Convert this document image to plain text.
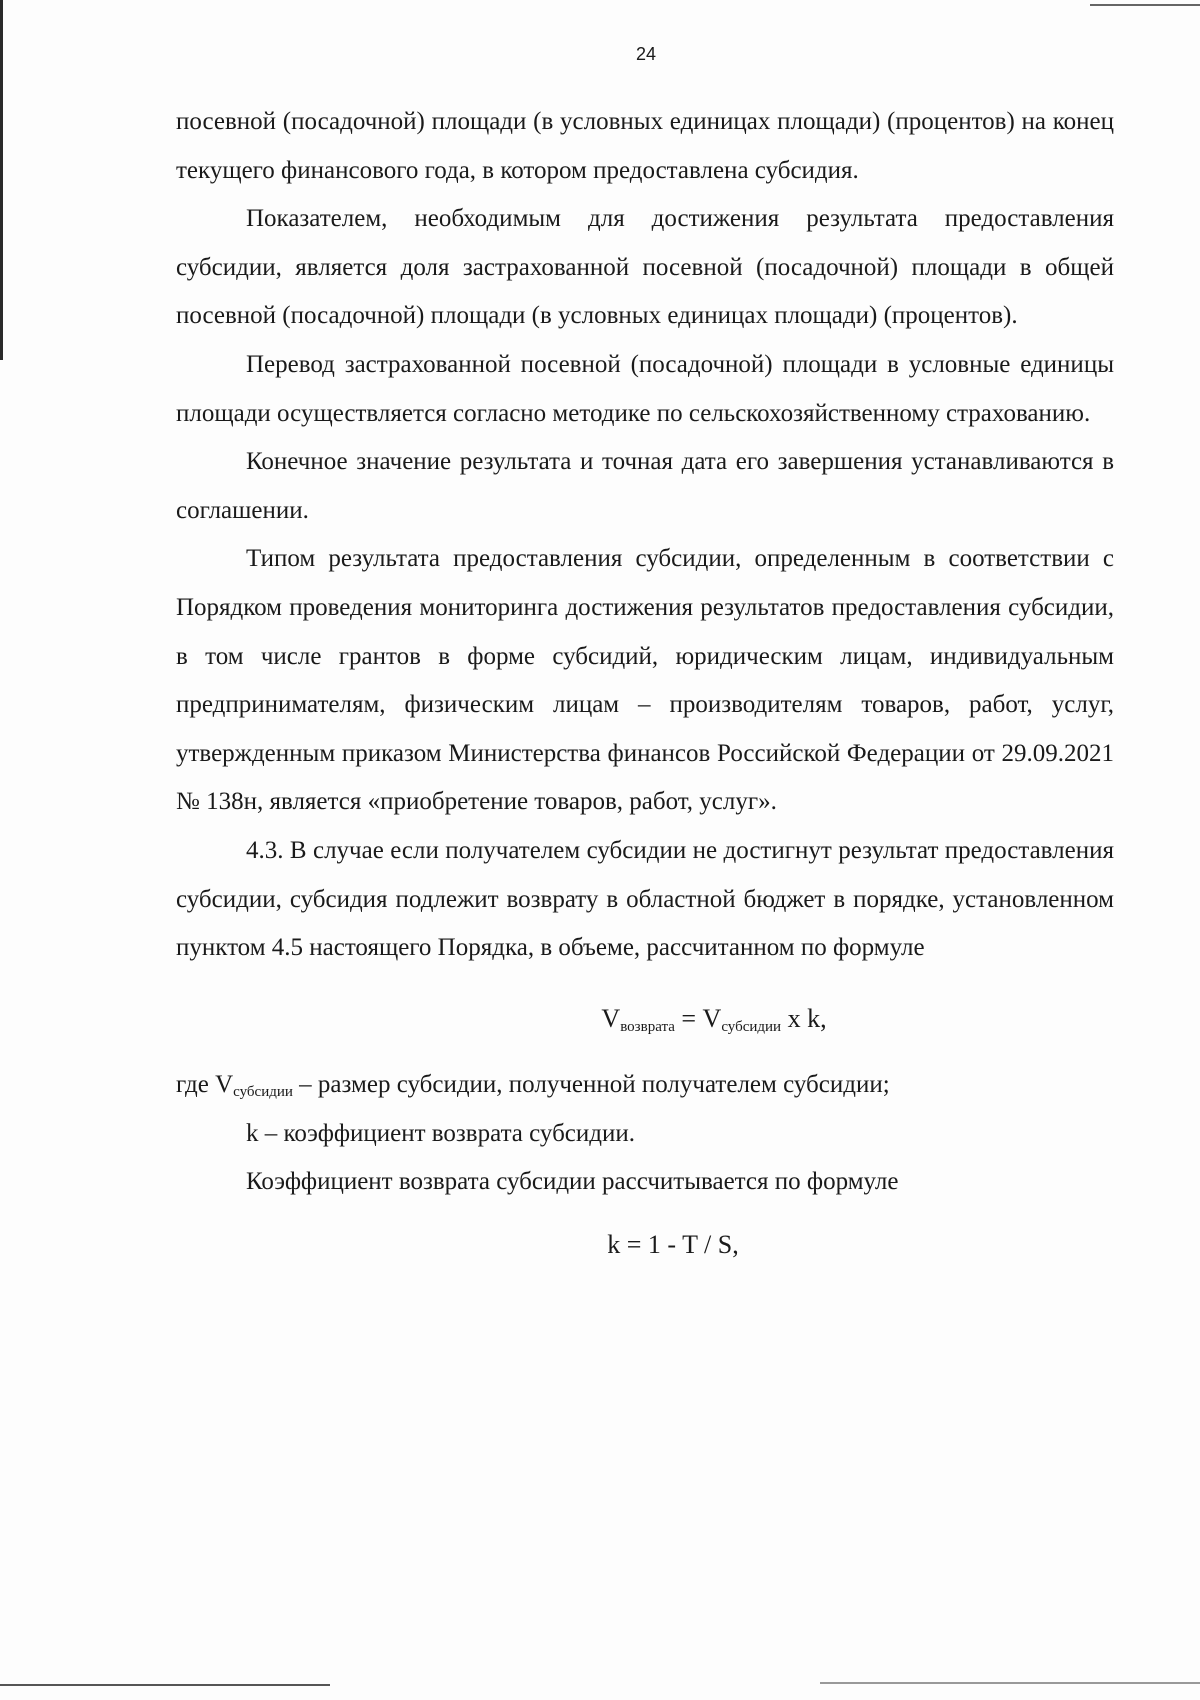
24

посевной (посадочной) площади (в условных единицах площади) (процентов) на конец текущего финансового года, в котором предоставлена субсидия.

Показателем, необходимым для достижения результата предоставления субсидии, является доля застрахованной посевной (посадочной) площади в общей посевной (посадочной) площади (в условных единицах площади) (процентов).

Перевод застрахованной посевной (посадочной) площади в условные единицы площади осуществляется согласно методике по сельскохозяйственному страхованию.

Конечное значение результата и точная дата его завершения устанавливаются в соглашении.

Типом результата предоставления субсидии, определенным в соответствии с Порядком проведения мониторинга достижения результатов предоставления субсидии, в том числе грантов в форме субсидий, юридическим лицам, индивидуальным предпринимателям, физическим лицам – производителям товаров, работ, услуг, утвержденным приказом Министерства финансов Российской Федерации от 29.09.2021 № 138н, является «приобретение товаров, работ, услуг».

4.3. В случае если получателем субсидии не достигнут результат предоставления субсидии, субсидия подлежит возврату в областной бюджет в порядке, установленном пунктом 4.5 настоящего Порядка, в объеме, рассчитанном по формуле

$V_{возврата} = V_{субсидии}$ x k,

где $V_{субсидии}$ – размер субсидии, полученной получателем субсидии;

k – коэффициент возврата субсидии.

Коэффициент возврата субсидии рассчитывается по формуле

k = 1 - T / S,
